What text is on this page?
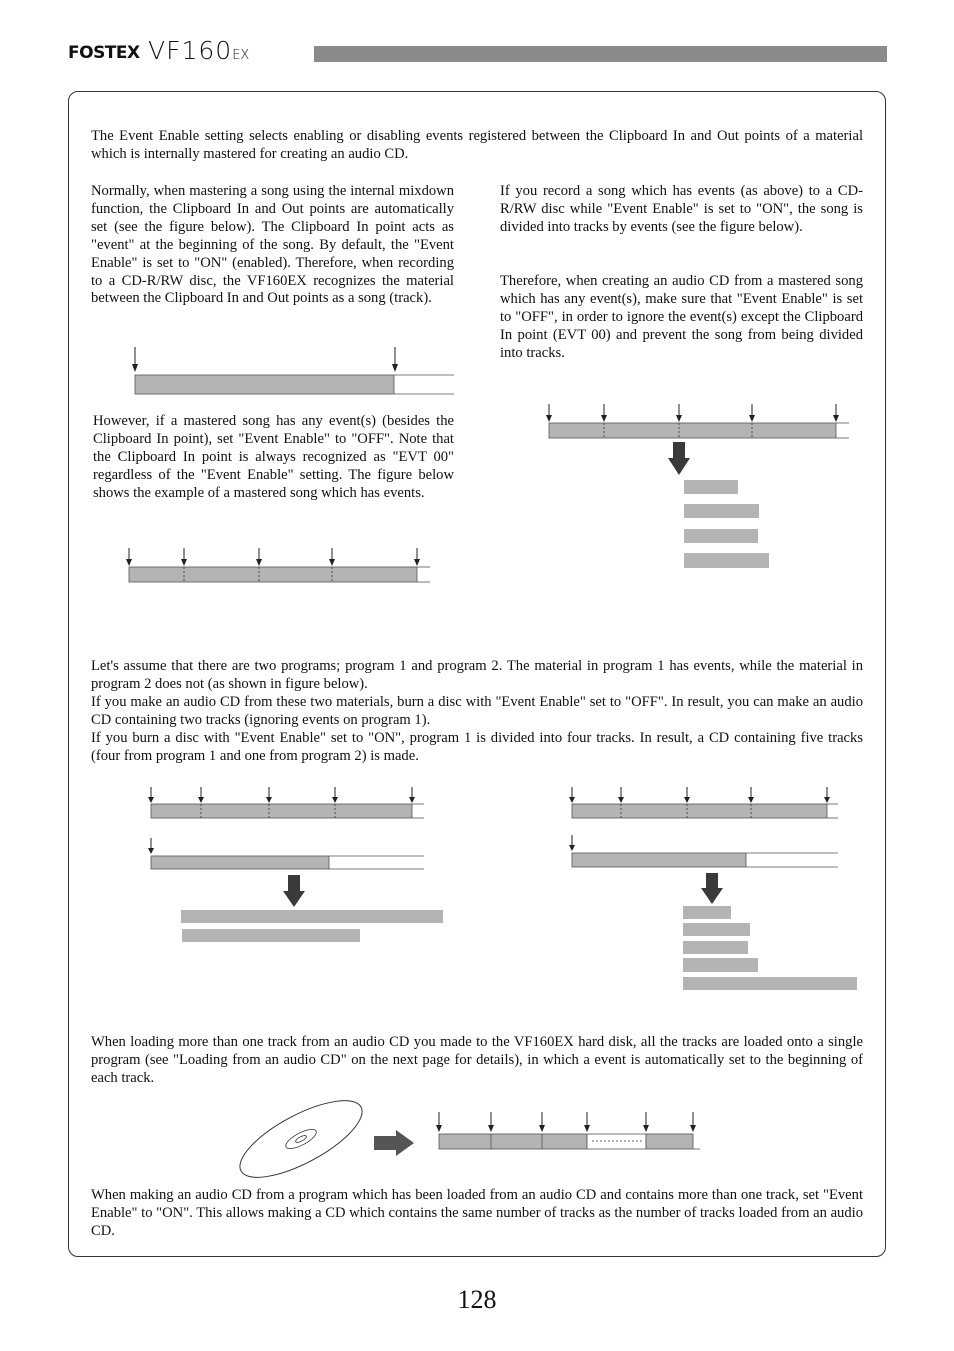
FOSTEX VF160EX

The Event Enable setting selects enabling or disabling events registered between the Clipboard In and Out points of a material which is internally mastered for creating an audio CD.

Normally, when mastering a song using the internal mixdown function, the Clipboard In and Out points are automatically set (see the figure below). The Clipboard In point acts as "event" at the beginning of the song. By default, the "Event Enable" is set to "ON" (enabled). Therefore, when recording to a CD-R/RW disc, the VF160EX recognizes the material between the Clipboard In and Out points as a song (track).

If you record a song which has events (as above) to a CD-R/RW disc while "Event Enable" is set to "ON", the song is divided into tracks by events (see the figure below).

Therefore, when creating an audio CD from a mastered song which has any event(s), make sure that "Event Enable" is set to "OFF", in order to ignore the event(s) except the Clipboard In point (EVT 00) and prevent the song from being divided into tracks.

However, if a mastered song has any event(s) (besides the Clipboard In point), set "Event Enable" to "OFF". Note that the Clipboard In point is always recognized as "EVT 00" regardless of the "Event Enable" setting. The figure below shows the example of a mastered song which has events.

Let's assume that there are two programs; program 1 and program 2. The material in program 1 has events, while the material in program 2 does not (as shown in figure below).
If you make an audio CD from these two materials, burn a disc with "Event Enable" set to "OFF". In result, you can make an audio CD containing two tracks (ignoring events on program 1).
If you burn a disc with "Event Enable" set to "ON", program 1 is divided into four tracks. In result, a CD containing five tracks (four from program 1 and one from program 2) is made.

When loading more than one track from an audio CD you made to the VF160EX hard disk, all the tracks are loaded onto a single program (see "Loading from an audio CD" on the next page for details), in which a event is automatically set to the beginning of each track.

When making an audio CD from a program which has been loaded from an audio CD and contains more than one track, set "Event Enable" to "ON". This allows making a CD which contains the same number of tracks as the number of tracks loaded from an audio CD.

128
